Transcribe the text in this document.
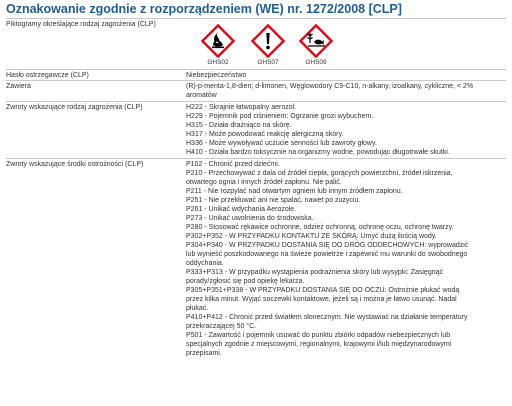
Oznakowanie zgodnie z rozporządzeniem (WE) nr. 1272/2008 [CLP]
Piktogramy określające rodzaj zagrożenia (CLP)
GHS02	GHS07	GHS09
Hasło ostrzegawcze (CLP)	Niebezpieczeństwo
Zawiera	(R)-p-menta-1,8-dien; d-limonen, Węglowodory C9-C10, n-alkany, izoalkany, cykliczne, < 2% aromatów
Zwroty wskazujące rodzaj zagrożenia (CLP)	H222 - Skrajnie łatwopalny aerozol.
H229 - Pojemnik pod ciśnieniem: Ogrzanie grozi wybuchem.
H315 - Działa drażniąco na skórę.
H317 - Może powodować reakcję alergiczną skóry.
H336 - Może wywoływać uczucie senności lub zawroty głowy.
H410 - Działa bardzo toksycznie na organizmy wodne, powodując długotrwałe skutki.
Zwroty wskazujące środki ostrożności (CLP)	P102 - Chronić przed dziećmi.
P210 - Przechowywać z dala od źródeł ciepła, gorących powierzchni, źródeł iskrzenia,
otwartego ognia i innych źródeł zapłonu. Nie palić.
P211 - Nie rozpylać nad otwartym ogniem lub innym źródłem zapłonu.
P251 - Nie przekłuwać ani nie spalać, nawet po zużyciu.
P261 - Unikać wdychania Aerozole.
P273 - Unikać uwolnienia do środowiska.
P280 - Stosować rękawice ochronne, odzież ochronną, ochronę oczu, ochronę twarzy.
P302+P352 - W PRZYPADKU KONTAKTU ZE SKÓRĄ: Umyć dużą ilością wody.
P304+P340 - W PRZYPADKU DOSTANIA SIĘ DO DRÓG ODDECHOWYCH: wyprowadzić
lub wynieść poszkodowanego na świeże powietrze i zapewnić mu warunki do swobodnego
oddychania.
P333+P313 - W przypadku wystąpienia podrażnienia skóry lub wysypki: Zasięgnąć
porady/zgłosić się pod opiekę lekarza.
P305+P351+P338 - W PRZYPADKU DOSTANIA SIĘ DO OCZU: Ostrożnie płukać wodą
przez kilka minut. Wyjąć soczewki kontaktowe, jeżeli są i można je łatwo usunąć. Nadal
płukać.
P410+P412 - Chronić przed światłem słonecznym. Nie wystawiać na działanie temperatury
przekraczającej 50 °C.
P501 - Zawartość i pojemnik usuwać do punktu zbiórki odpadów niebezpiecznych lub
specjalnych zgodnie z miejscowymi, regionalnymi, krajowymi i/lub międzynarodowymi
przepisami.
